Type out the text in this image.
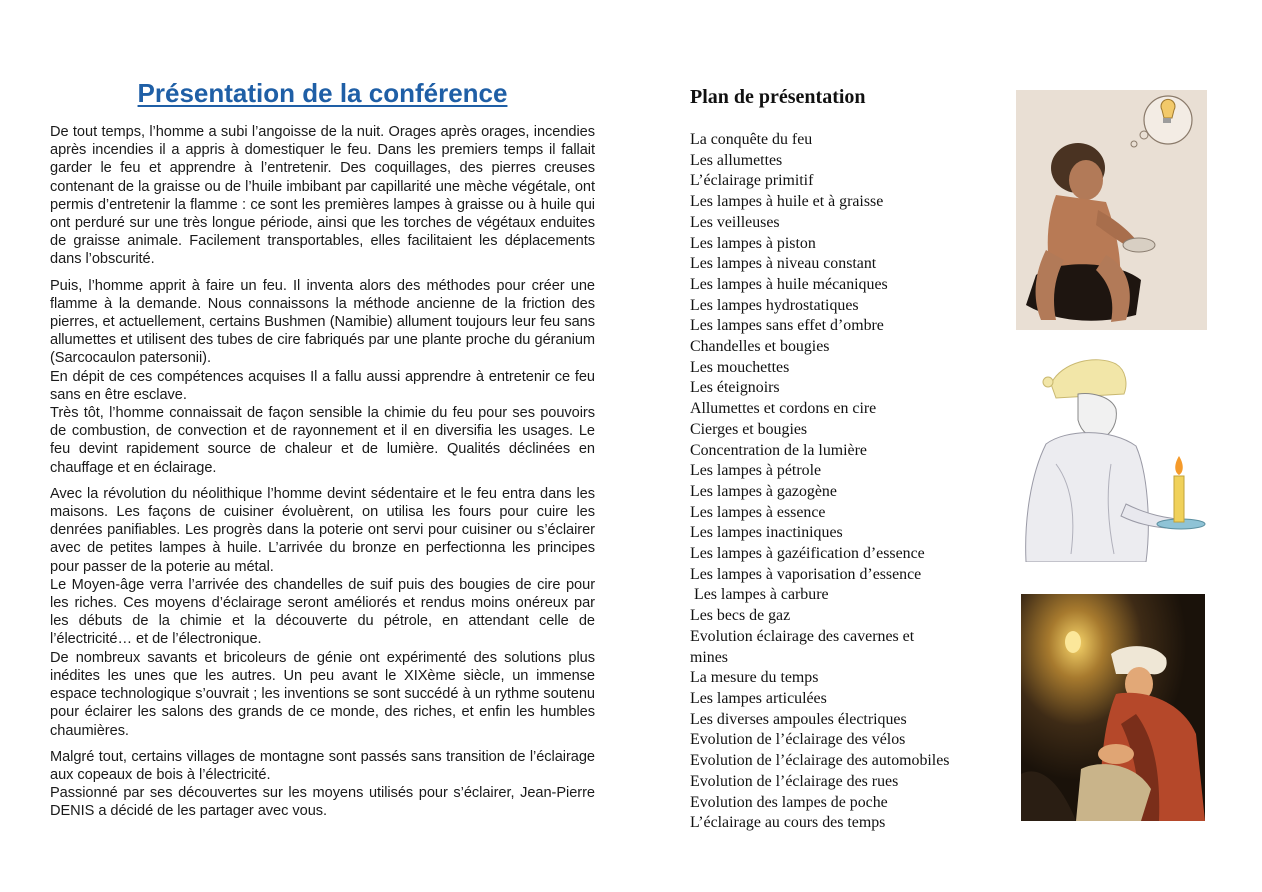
Présentation de la conférence

De tout temps, l’homme a subi l’angoisse de la nuit. Orages après orages, incendies après incendies il a appris à domestiquer le feu. Dans les premiers temps il fallait garder le feu et apprendre à l’entretenir. Des coquillages, des pierres creuses contenant de la graisse ou de l’huile imbibant par capillarité une mèche végétale, ont permis d’entretenir la flamme : ce sont les premières lampes à graisse ou à huile qui ont perduré sur une très longue période, ainsi que les torches de végétaux enduites de graisse animale. Facilement transportables, elles facilitaient les déplacements dans l’obscurité.

Puis, l’homme apprit à faire un feu. Il inventa alors des méthodes pour créer une flamme à la demande. Nous connaissons la méthode ancienne de la friction des pierres, et actuellement, certains Bushmen (Namibie) allument toujours leur feu sans allumettes et utilisent des tubes de cire fabriqués par une plante proche du géranium (Sarcocaulon patersonii).
En dépit de ces compétences acquises Il a fallu aussi apprendre à entretenir ce feu sans en être esclave.
Très tôt, l’homme connaissait de façon sensible la chimie du feu pour ses pouvoirs de combustion, de convection et de rayonnement et il en diversifia les usages. Le feu devint rapidement source de chaleur et de lumière. Qualités déclinées en chauffage et en éclairage.

Avec la révolution du néolithique l’homme devint sédentaire et le feu entra dans les maisons. Les façons de cuisiner évoluèrent, on utilisa les fours pour cuire les denrées panifiables. Les progrès dans la poterie ont servi pour cuisiner ou s’éclairer avec de petites lampes à huile. L’arrivée du bronze en perfectionna les principes pour passer de la poterie au métal.
Le Moyen-âge verra l’arrivée des chandelles de suif puis des bougies de cire pour les riches. Ces moyens d’éclairage seront améliorés et rendus moins onéreux par les débuts de la chimie et la découverte du pétrole, en attendant celle de l’électricité… et de l’électronique.
De nombreux savants et bricoleurs de génie ont expérimenté des solutions plus inédites les unes que les autres. Un peu avant le XIXème siècle, un immense espace technologique s’ouvrait ; les inventions se sont succédé à un rythme soutenu pour éclairer les salons des grands de ce monde, des riches, et enfin les humbles chaumières.

Malgré tout, certains villages de montagne sont passés sans transition de l’éclairage aux copeaux de bois à l’électricité.
Passionné par ses découvertes sur les moyens utilisés pour s’éclairer, Jean-Pierre DENIS a décidé de les partager avec vous.

Plan de présentation
La conquête du feu
Les allumettes
L’éclairage primitif
Les lampes à huile et à graisse
Les veilleuses
Les lampes à piston
Les lampes à niveau constant
Les lampes à huile mécaniques
Les lampes hydrostatiques
Les lampes sans effet d’ombre
Chandelles et bougies
Les mouchettes
Les éteignoirs
Allumettes et cordons en cire
Cierges et bougies
Concentration de la lumière
Les lampes à pétrole
Les lampes à gazogène
Les lampes à essence
Les lampes inactiniques
Les lampes à gazéification d’essence
Les lampes à vaporisation d’essence
Les lampes à carbure
Les becs de gaz
Evolution éclairage des cavernes et
mines
La mesure du temps
Les lampes articulées
Les diverses ampoules électriques
Evolution de l’éclairage des vélos
Evolution de l’éclairage des automobiles
Evolution de l’éclairage des rues
Evolution des lampes de poche
L’éclairage au cours des temps
